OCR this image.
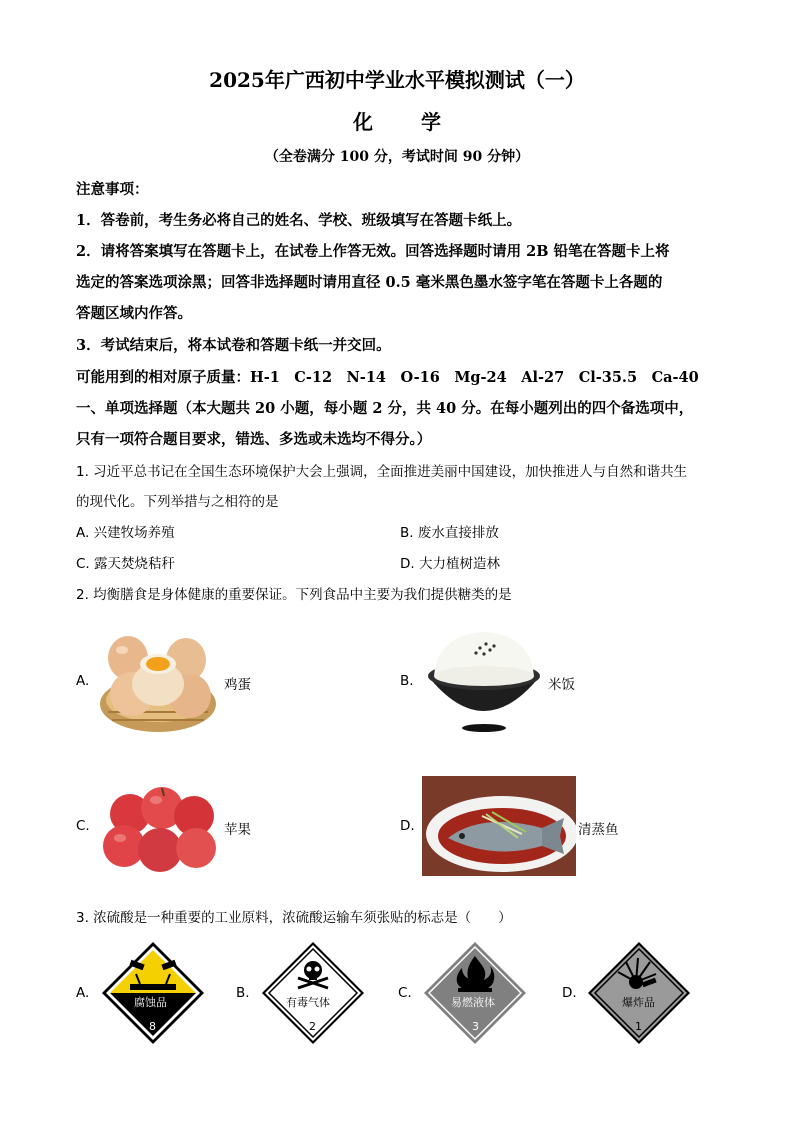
2025年广西初中学业水平模拟测试（一）
化学
（全卷满分 100 分，考试时间 90 分钟）
注意事项：
1．答卷前，考生务必将自己的姓名、学校、班级填写在答题卡纸上。
2．请将答案填写在答题卡上，在试卷上作答无效。回答选择题时请用 2B 铅笔在答题卡上将
选定的答案选项涂黑；回答非选择题时请用直径 0.5 毫米黑色墨水签字笔在答题卡上各题的
答题区域内作答。
3．考试结束后，将本试卷和答题卡纸一并交回。
可能用到的相对原子质量：H-1　C-12　N-14　O-16　Mg-24　Al-27　Cl-35.5　Ca-40
一、单项选择题（本大题共 20 小题，每小题 2 分，共 40 分。在每小题列出的四个备选项中，
只有一项符合题目要求，错选、多选或未选均不得分。）
1. 习近平总书记在全国生态环境保护大会上强调，全面推进美丽中国建设，加快推进人与自然和谐共生
的现代化。下列举措与之相符的是
A. 兴建牧场养殖	B. 废水直接排放
C. 露天焚烧秸秆	D. 大力植树造林
2. 均衡膳食是身体健康的重要保证。下列食品中主要为我们提供糖类的是
A.	鸡蛋	B.	米饭
C.	苹果	D.	清蒸鱼
3. 浓硫酸是一种重要的工业原料，浓硫酸运输车须张贴的标志是（　　）
A.
腐蚀品
8
B.
有毒气体
2
C.
易燃液体
3
D.
爆炸品
1
